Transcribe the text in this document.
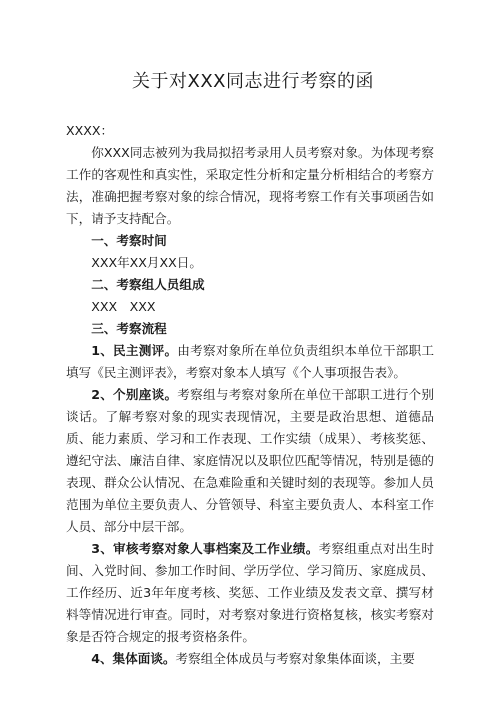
关于对XXX同志进行考察的函

XXXX：

你XXX同志被列为我局拟招考录用人员考察对象。为体现考察工作的客观性和真实性，采取定性分析和定量分析相结合的考察方法，准确把握考察对象的综合情况，现将考察工作有关事项函告如下，请予支持配合。

一、考察时间

XXX年XX月XX日。

二、考察组人员组成

XXX　XXX

三、考察流程

1、民主测评。由考察对象所在单位负责组织本单位干部职工填写《民主测评表》，考察对象本人填写《个人事项报告表》。

2、个别座谈。考察组与考察对象所在单位干部职工进行个别谈话。了解考察对象的现实表现情况，主要是政治思想、道德品质、能力素质、学习和工作表现、工作实绩（成果）、考核奖惩、遵纪守法、廉洁自律、家庭情况以及职位匹配等情况，特别是德的表现、群众公认情况、在急难险重和关键时刻的表现等。参加人员范围为单位主要负责人、分管领导、科室主要负责人、本科室工作人员、部分中层干部。

3、审核考察对象人事档案及工作业绩。考察组重点对出生时间、入党时间、参加工作时间、学历学位、学习简历、家庭成员、工作经历、近3年年度考核、奖惩、工作业绩及发表文章、撰写材料等情况进行审查。同时，对考察对象进行资格复核，核实考察对象是否符合规定的报考资格条件。

4、集体面谈。考察组全体成员与考察对象集体面谈，主要
